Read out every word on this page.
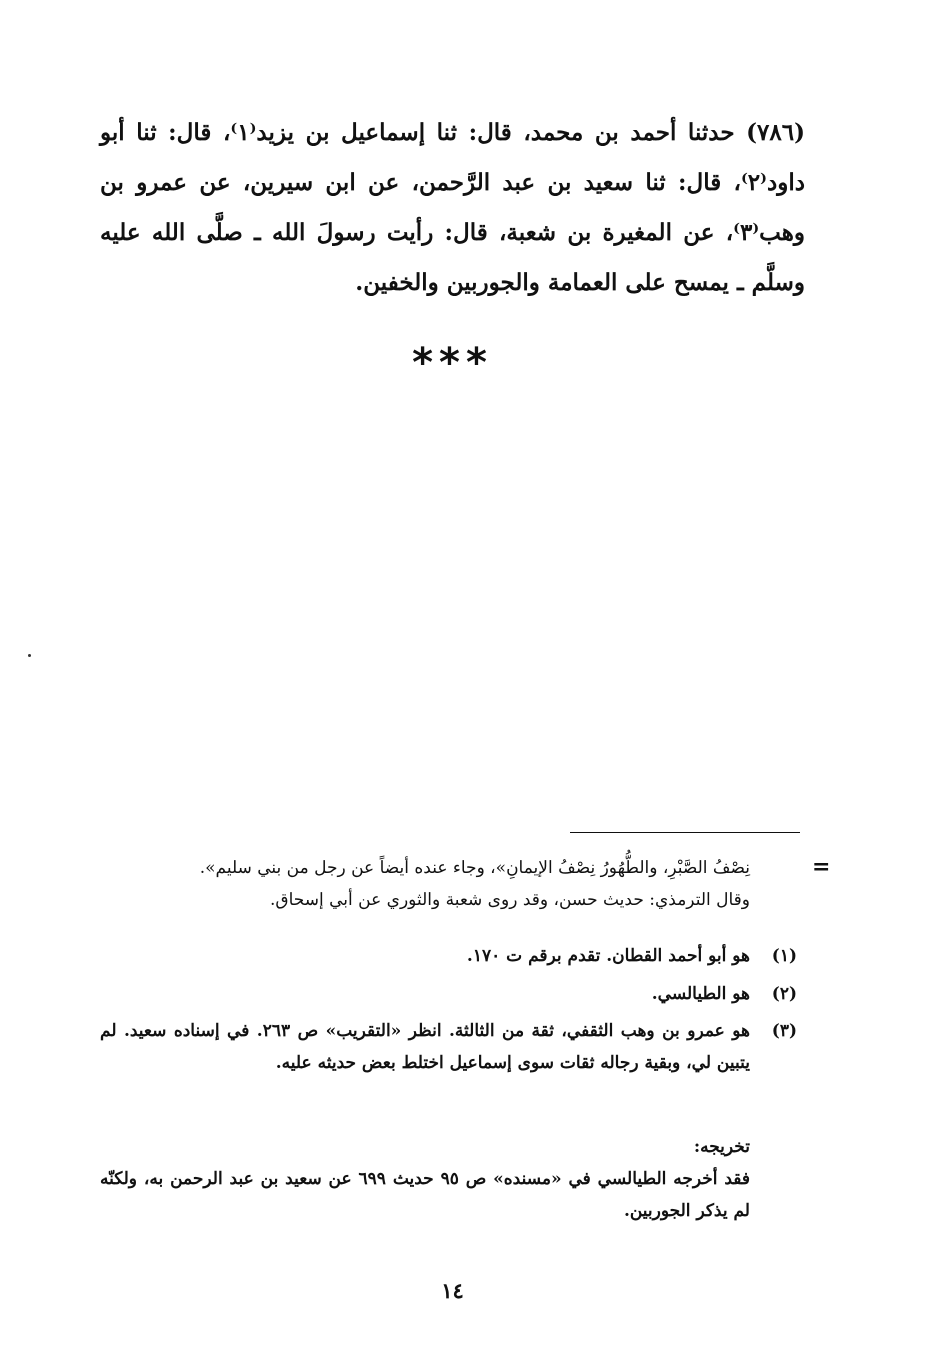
(٧٨٦) حدثنا أحمد بن محمد، قال: ثنا إسماعيل بن يزيد⁽١⁾، قال: ثنا أبو داود⁽٢⁾، قال: ثنا سعيد بن عبد الرَّحمن، عن ابن سيرين، عن عمرو بن وهب⁽٣⁾، عن المغيرة بن شعبة، قال: رأيت رسولَ الله ـ صلَّى الله عليه وسلَّم ـ يمسح على العمامة والجوربين والخفين.

***
=
نِصْفُ الصَّبْرِ، والطُّهُورُ نِصْفُ الإيمانِ»، وجاء عنده أيضاً عن رجل من بني سليم».
وقال الترمذي: حديث حسن، وقد روى شعبة والثوري عن أبي إسحاق.
(١)
هو أبو أحمد القطان. تقدم برقم ت ١٧٠.
(٢)
هو الطيالسي.
(٣)
هو عمرو بن وهب الثقفي، ثقة من الثالثة. انظر «التقريب» ص ٢٦٣. في إسناده سعيد. لم يتبين لي، وبقية رجاله ثقات سوى إسماعيل اختلط بعض حديثه عليه.
تخريجه:
فقد أخرجه الطيالسي في «مسنده» ص ٩٥ حديث ٦٩٩ عن سعيد بن عبد الرحمن به، ولكنّه لم يذكر الجوربين.
١٤
